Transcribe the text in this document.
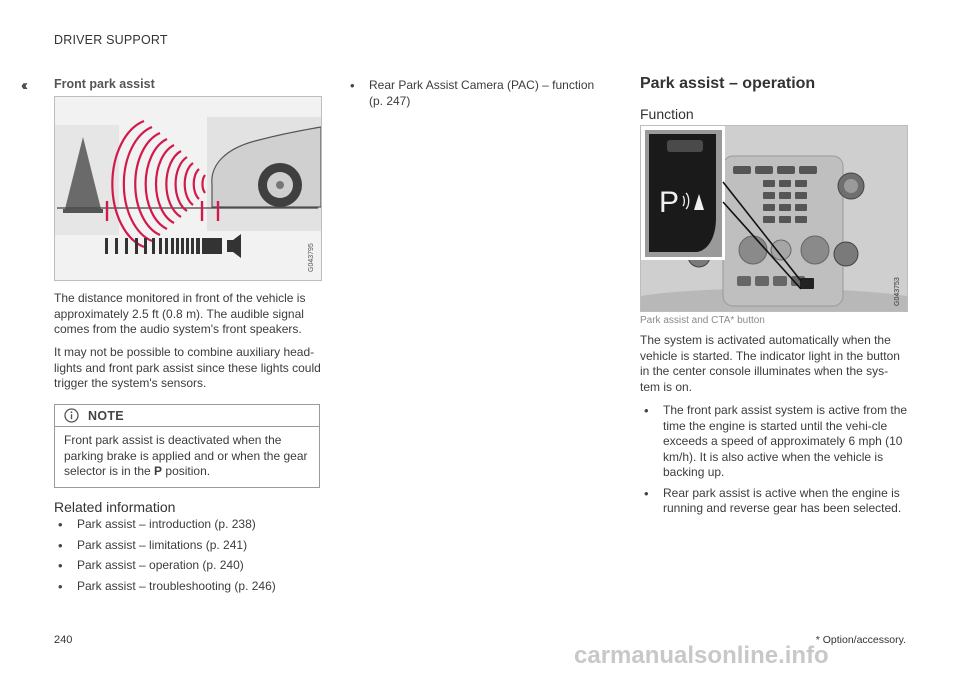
DRIVER SUPPORT
‹‹ Front park assist
G043795
The distance monitored in front of the vehicle is approximately 2.5 ft (0.8 m). The audible signal comes from the audio system's front speakers.
It may not be possible to combine auxiliary head-lights and front park assist since these lights could trigger the system's sensors.
NOTE
Front park assist is deactivated when the parking brake is applied and or when the gear selector is in the P position.
Related information
• Park assist – introduction (p. 238)
• Park assist – limitations (p. 241)
• Park assist – operation (p. 240)
• Park assist – troubleshooting (p. 246)
• Rear Park Assist Camera (PAC) – function (p. 247)
Park assist – operation
Function
P
G043753
Park assist and CTA* button
The system is activated automatically when the vehicle is started. The indicator light in the button in the center console illuminates when the sys-tem is on.
• The front park assist system is active from the time the engine is started until the vehi-cle exceeds a speed of approximately 6 mph (10 km/h). It is also active when the vehicle is backing up.
• Rear park assist is active when the engine is running and reverse gear has been selected.
240	* Option/accessory.
carmanualsonline.info
